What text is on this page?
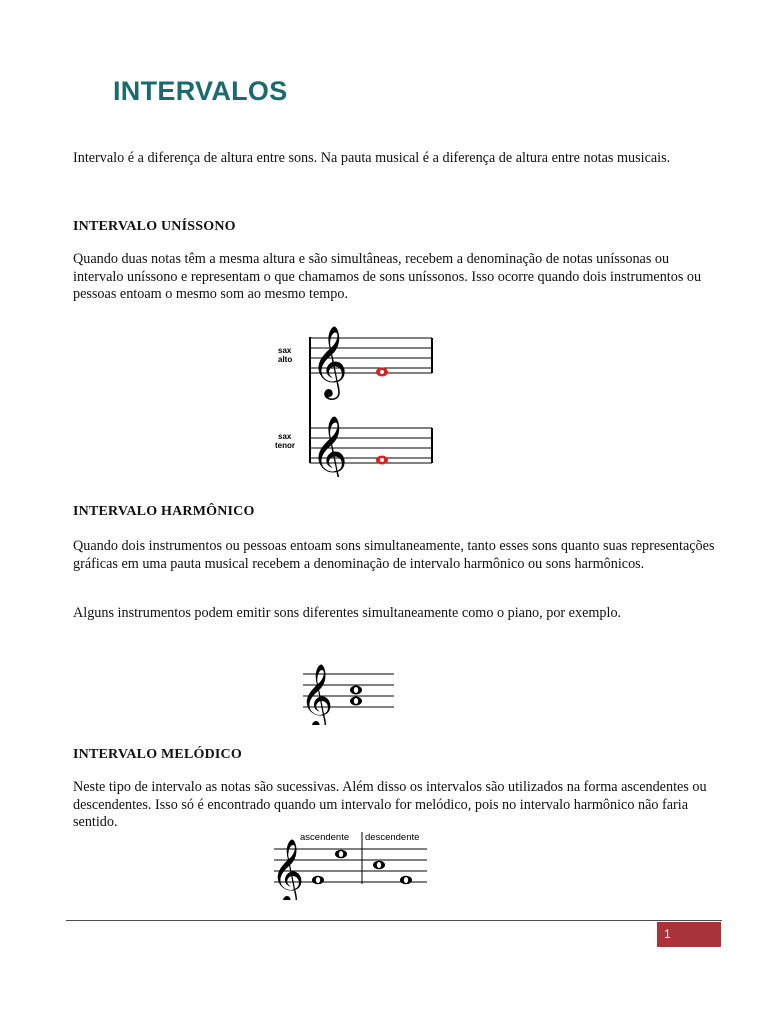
INTERVALOS

Intervalo é a diferença de altura entre sons. Na pauta musical é a diferença de altura entre notas musicais.

INTERVALO UNÍSSONO

Quando duas notas têm a mesma altura e são simultâneas, recebem a denominação de notas uníssonas ou intervalo uníssono e representam o que chamamos de sons uníssonos. Isso ocorre quando dois instrumentos ou pessoas entoam o mesmo som ao mesmo tempo.

𝄞
𝄞
sax
alto
sax
tenor
INTERVALO HARMÔNICO

Quando dois instrumentos ou pessoas entoam sons simultaneamente, tanto esses sons quanto suas representações gráficas em uma pauta musical recebem a denominação de intervalo harmônico ou sons harmônicos.

Alguns instrumentos podem emitir sons diferentes simultaneamente como o piano, por exemplo.

𝄞
INTERVALO MELÓDICO

Neste tipo de intervalo as notas são sucessivas. Além disso os intervalos são utilizados na forma ascendentes ou descendentes. Isso só é encontrado quando um intervalo for melódico, pois no intervalo harmônico não faria sentido.

𝄞
ascendente descendente
1
